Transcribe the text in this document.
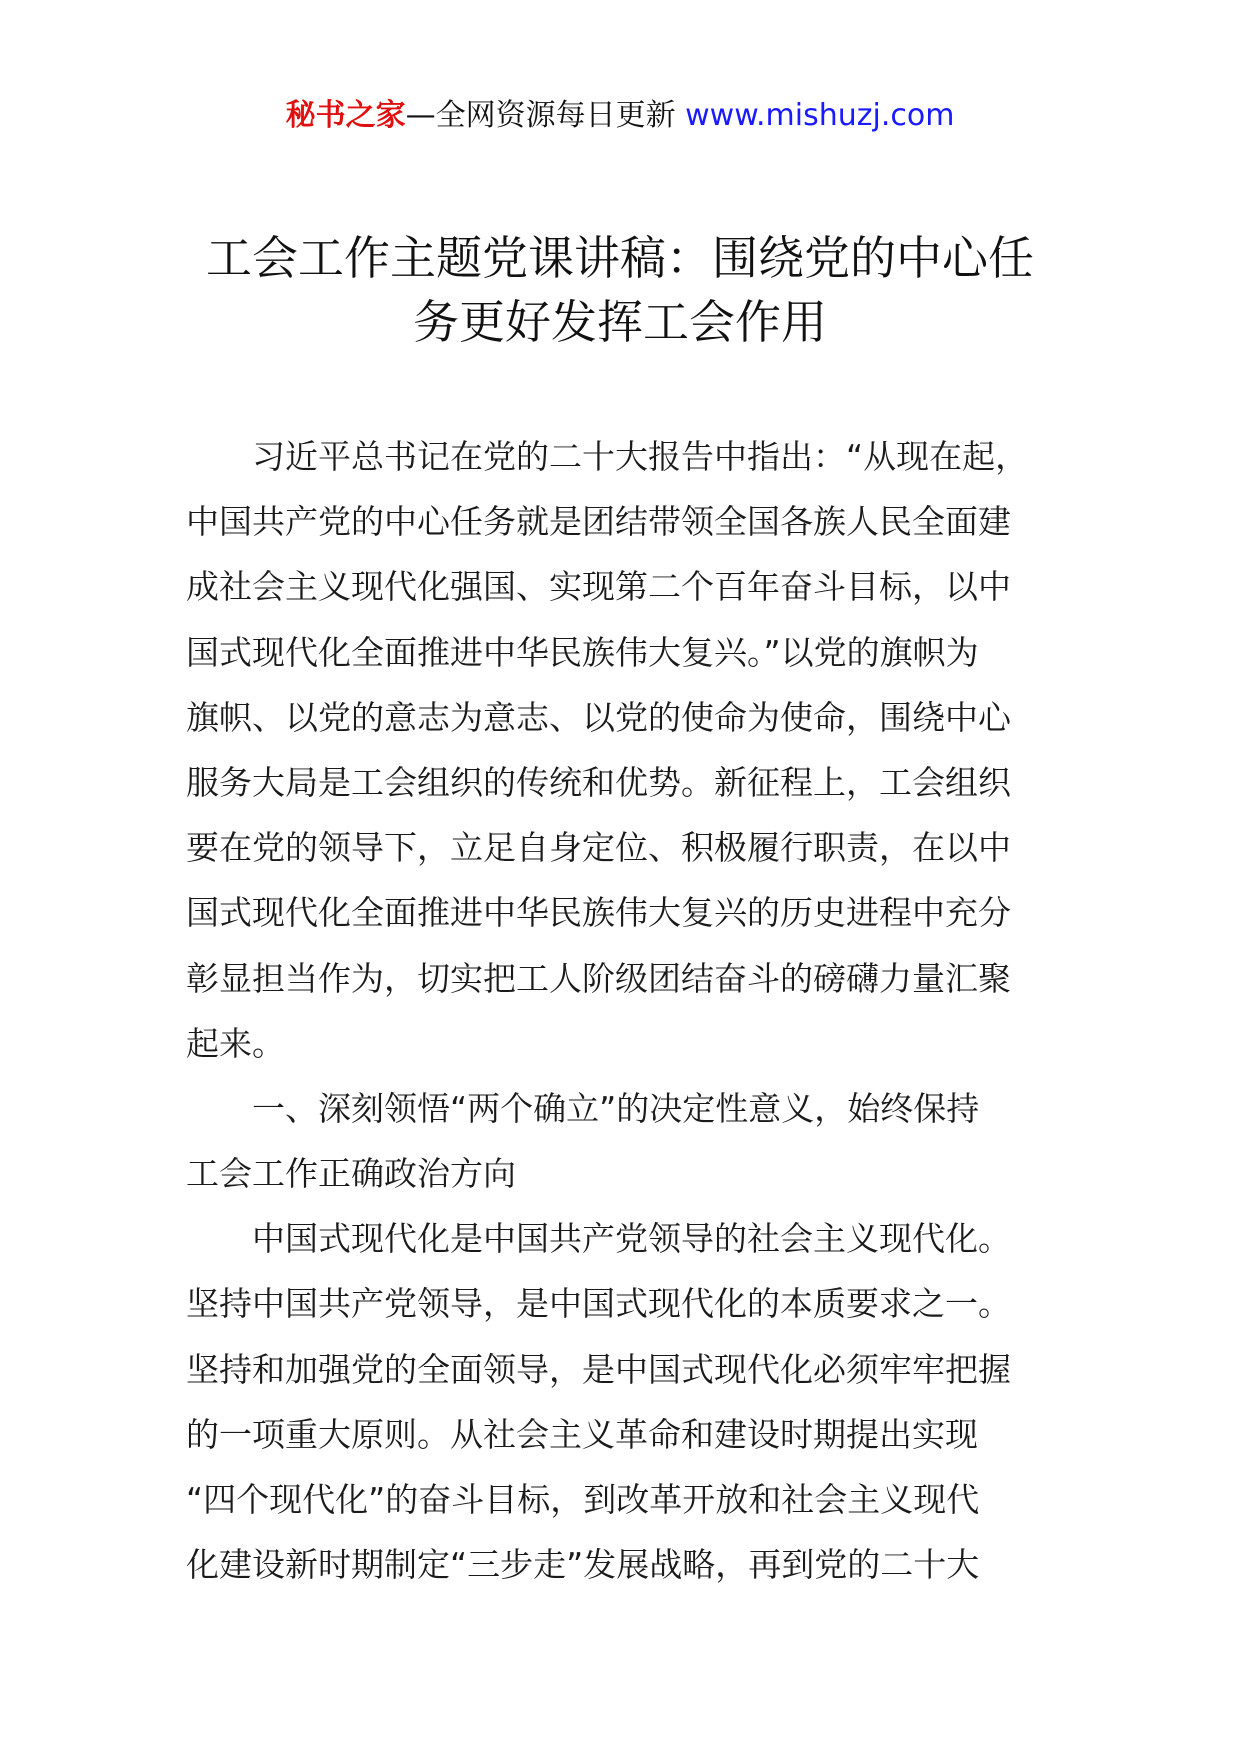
秘书之家—全网资源每日更新 www.mishuzj.com
工会工作主题党课讲稿：围绕党的中心任
务更好发挥工会作用
习近平总书记在党的二十大报告中指出：“从现在起，
中国共产党的中心任务就是团结带领全国各族人民全面建
成社会主义现代化强国、实现第二个百年奋斗目标，以中
国式现代化全面推进中华民族伟大复兴。”以党的旗帜为
旗帜、以党的意志为意志、以党的使命为使命，围绕中心
服务大局是工会组织的传统和优势。新征程上，工会组织
要在党的领导下，立足自身定位、积极履行职责，在以中
国式现代化全面推进中华民族伟大复兴的历史进程中充分
彰显担当作为，切实把工人阶级团结奋斗的磅礴力量汇聚
起来。
一、深刻领悟“两个确立”的决定性意义，始终保持
工会工作正确政治方向
中国式现代化是中国共产党领导的社会主义现代化。
坚持中国共产党领导，是中国式现代化的本质要求之一。
坚持和加强党的全面领导，是中国式现代化必须牢牢把握
的一项重大原则。从社会主义革命和建设时期提出实现
“四个现代化”的奋斗目标，到改革开放和社会主义现代
化建设新时期制定“三步走”发展战略，再到党的二十大
